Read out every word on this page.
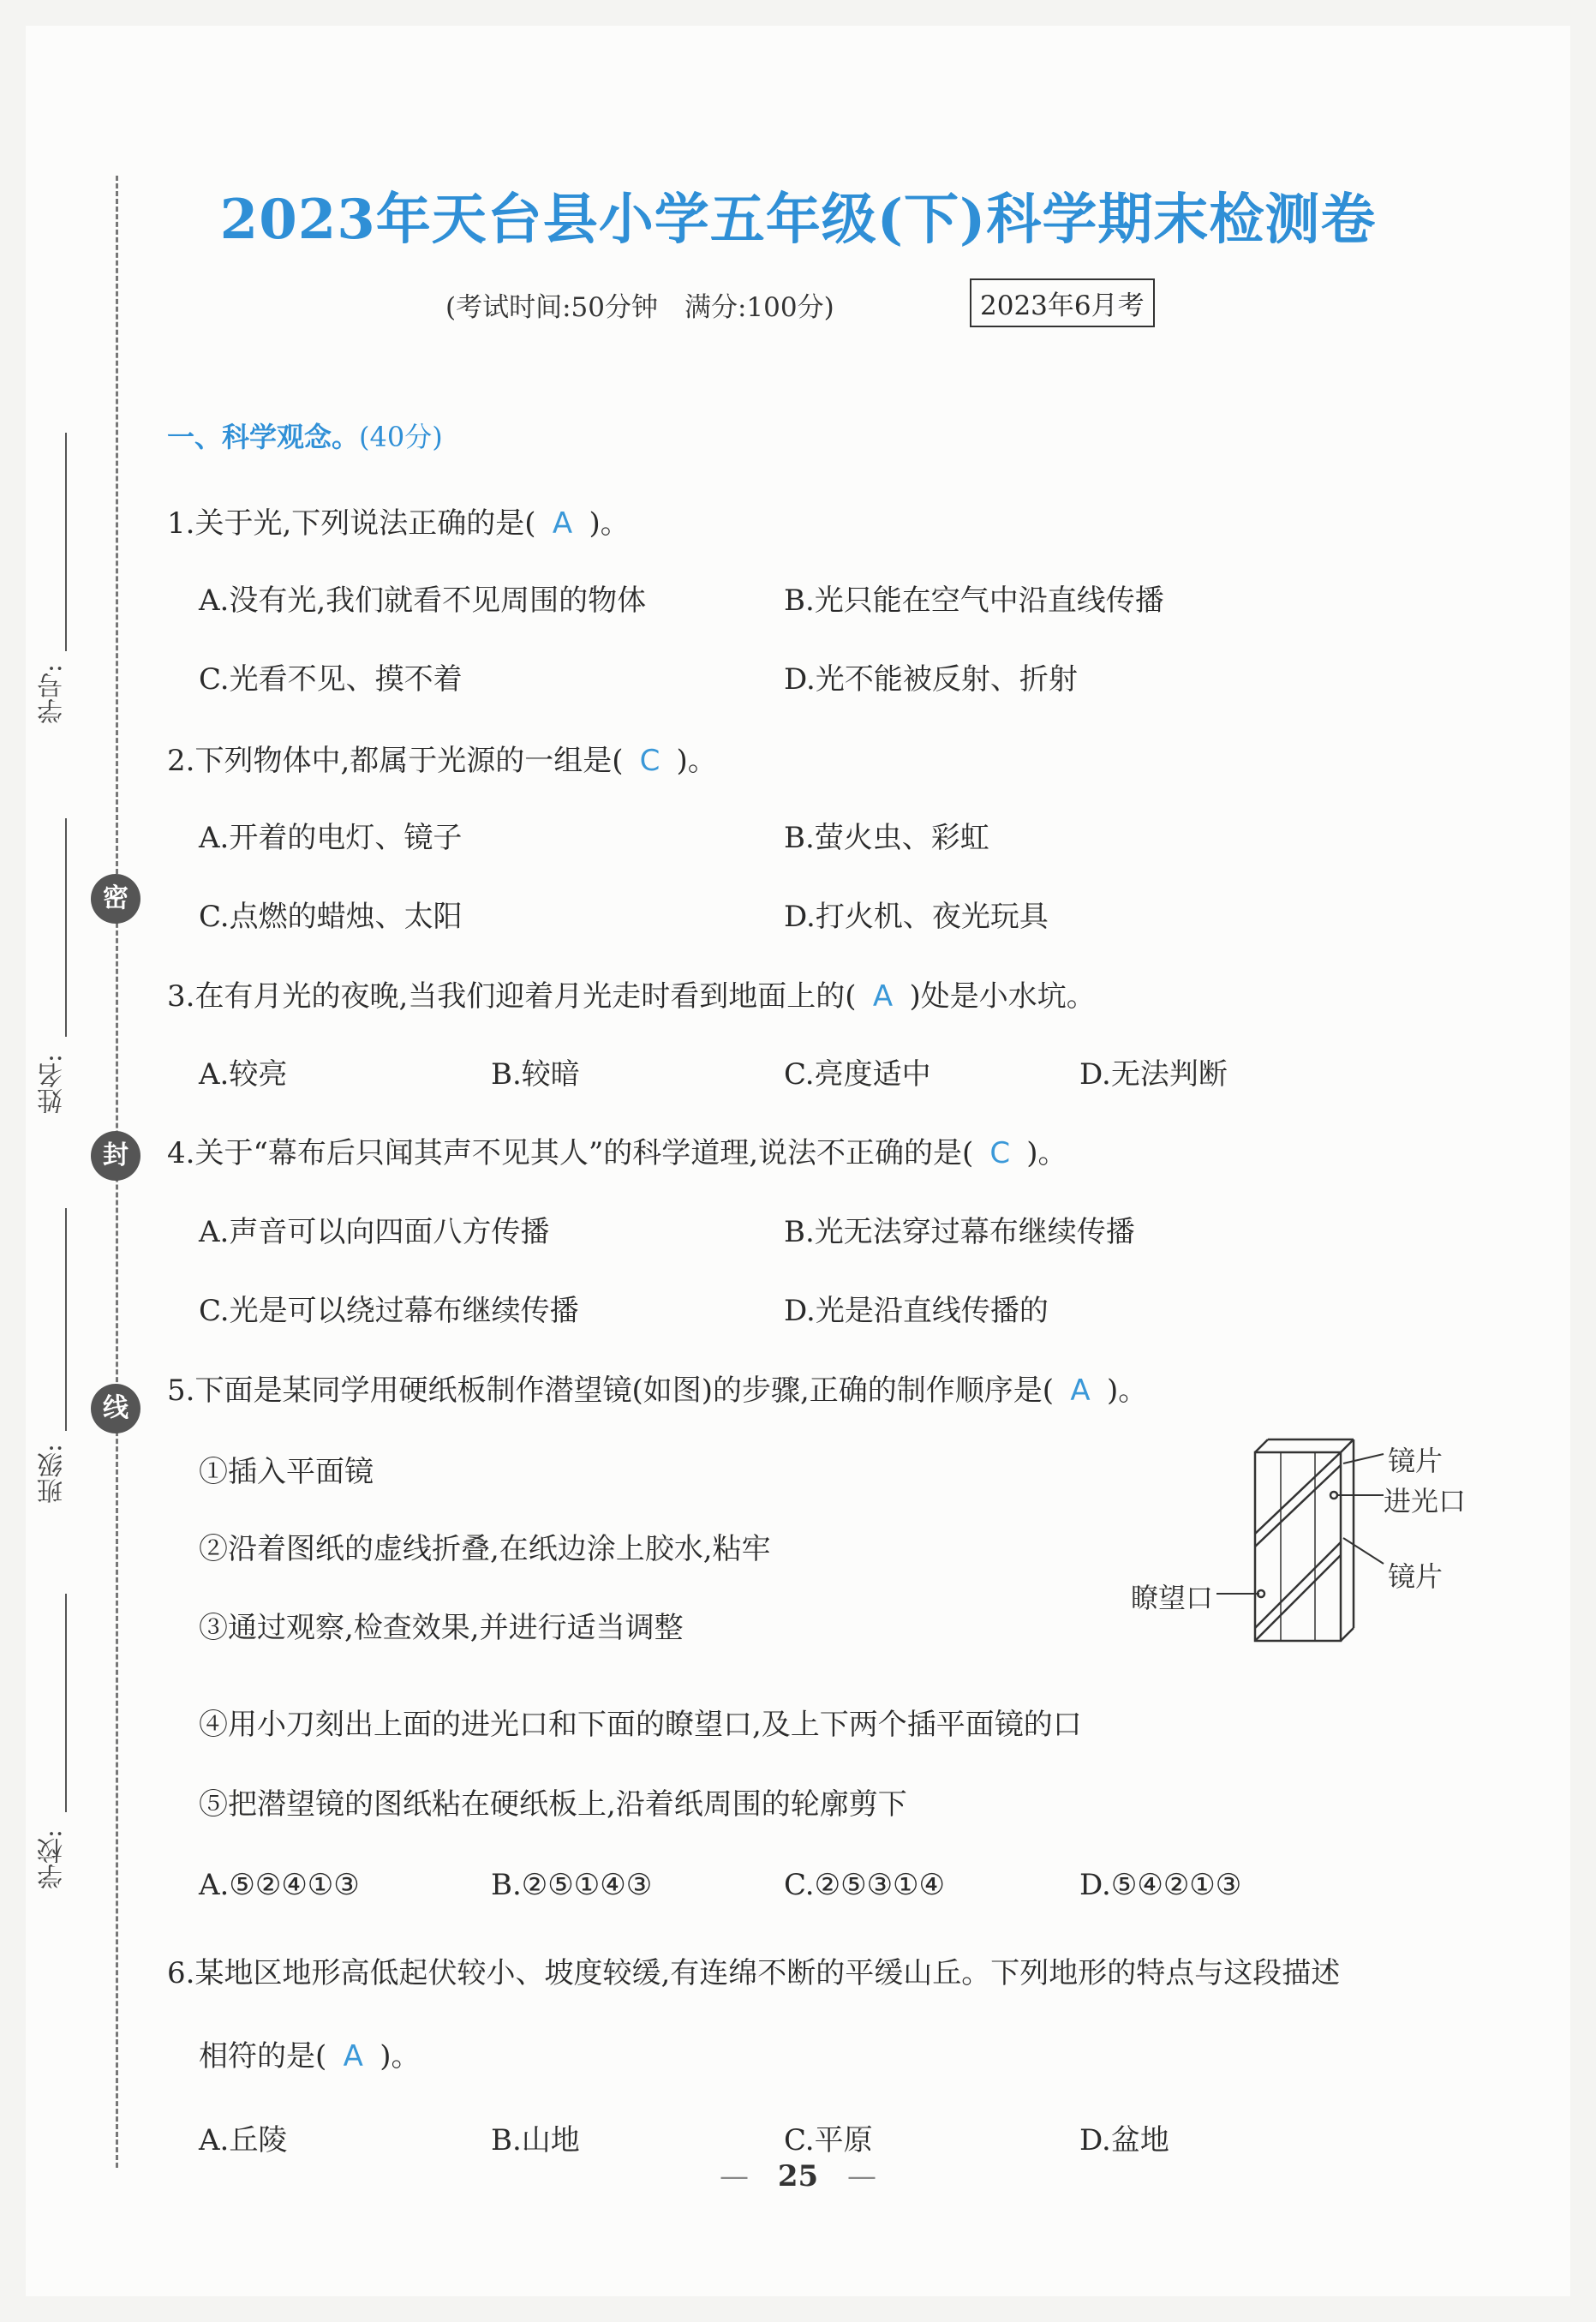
学号:
姓名:
班级:
学校:
密
封
线
2023年天台县小学五年级(下)科学期末检测卷
(考试时间:50分钟　满分:100分)	2023年6月考
一、科学观念。(40分)
1.关于光,下列说法正确的是( A )。
A.没有光,我们就看不见周围的物体	B.光只能在空气中沿直线传播
C.光看不见、摸不着	D.光不能被反射、折射
2.下列物体中,都属于光源的一组是( C )。
A.开着的电灯、镜子	B.萤火虫、彩虹
C.点燃的蜡烛、太阳	D.打火机、夜光玩具
3.在有月光的夜晚,当我们迎着月光走时看到地面上的( A )处是小水坑。
A.较亮	B.较暗	C.亮度适中	D.无法判断
4.关于“幕布后只闻其声不见其人”的科学道理,说法不正确的是( C )。
A.声音可以向四面八方传播	B.光无法穿过幕布继续传播
C.光是可以绕过幕布继续传播	D.光是沿直线传播的
5.下面是某同学用硬纸板制作潜望镜(如图)的步骤,正确的制作顺序是( A )。
①插入平面镜
②沿着图纸的虚线折叠,在纸边涂上胶水,粘牢
③通过观察,检查效果,并进行适当调整
④用小刀刻出上面的进光口和下面的瞭望口,及上下两个插平面镜的口
⑤把潜望镜的图纸粘在硬纸板上,沿着纸周围的轮廓剪下
A.⑤②④①③	B.②⑤①④③	C.②⑤③①④	D.⑤④②①③
镜片
进光口
镜片
瞭望口
6.某地区地形高低起伏较小、坡度较缓,有连绵不断的平缓山丘。下列地形的特点与这段描述
相符的是( A )。
A.丘陵	B.山地	C.平原	D.盆地
— 25 —
